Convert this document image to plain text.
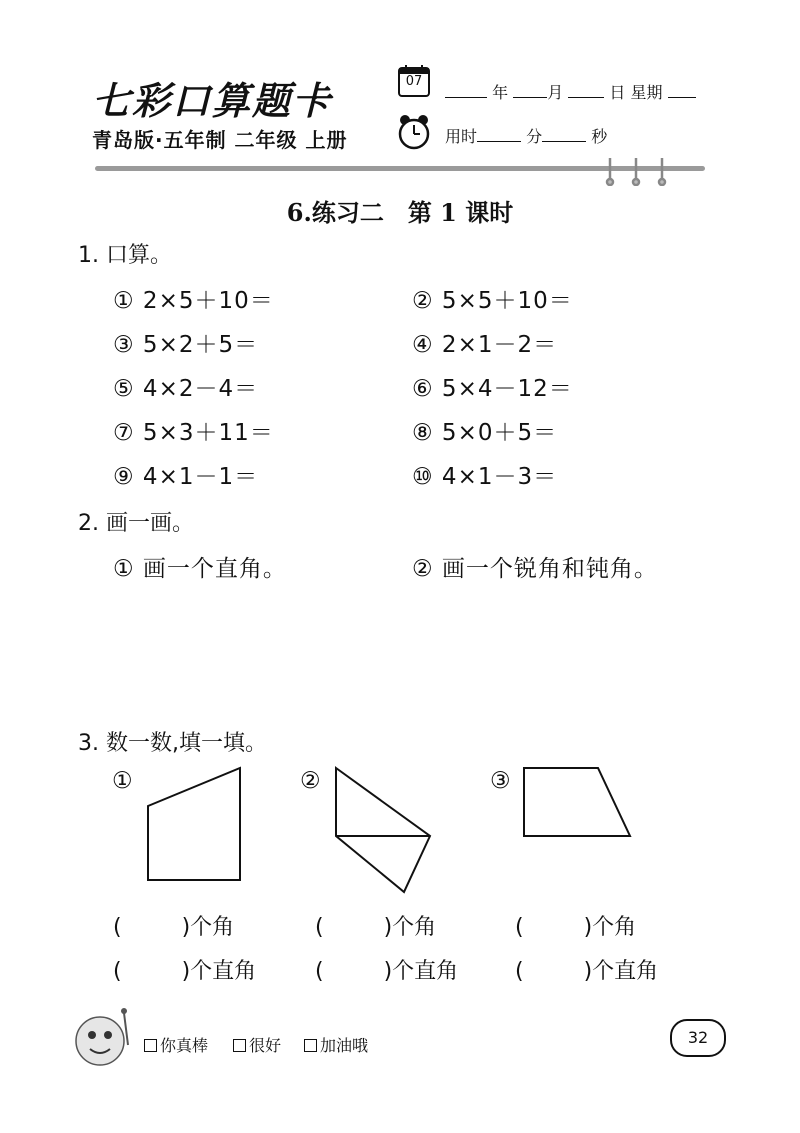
七彩口算题卡
青岛版·五年制 二年级 上册
07
年 月	日 星期
用时	分	秒
6.练习二　第 1 课时
1. 口算。
① 2×5＋10＝	② 5×5＋10＝
③ 5×2＋5＝	④ 2×1－2＝
⑤ 4×2－4＝	⑥ 5×4－12＝
⑦ 5×3＋11＝	⑧ 5×0＋5＝
⑨ 4×1－1＝	⑩ 4×1－3＝
2. 画一画。
① 画一个直角。	② 画一个锐角和钝角。
3. 数一数,填一填。
①	②	③
(	)个角	(	)个角	(	)个角
(	)个直角	(	)个直角	(	)个直角
你真棒	很好	加油哦	32
